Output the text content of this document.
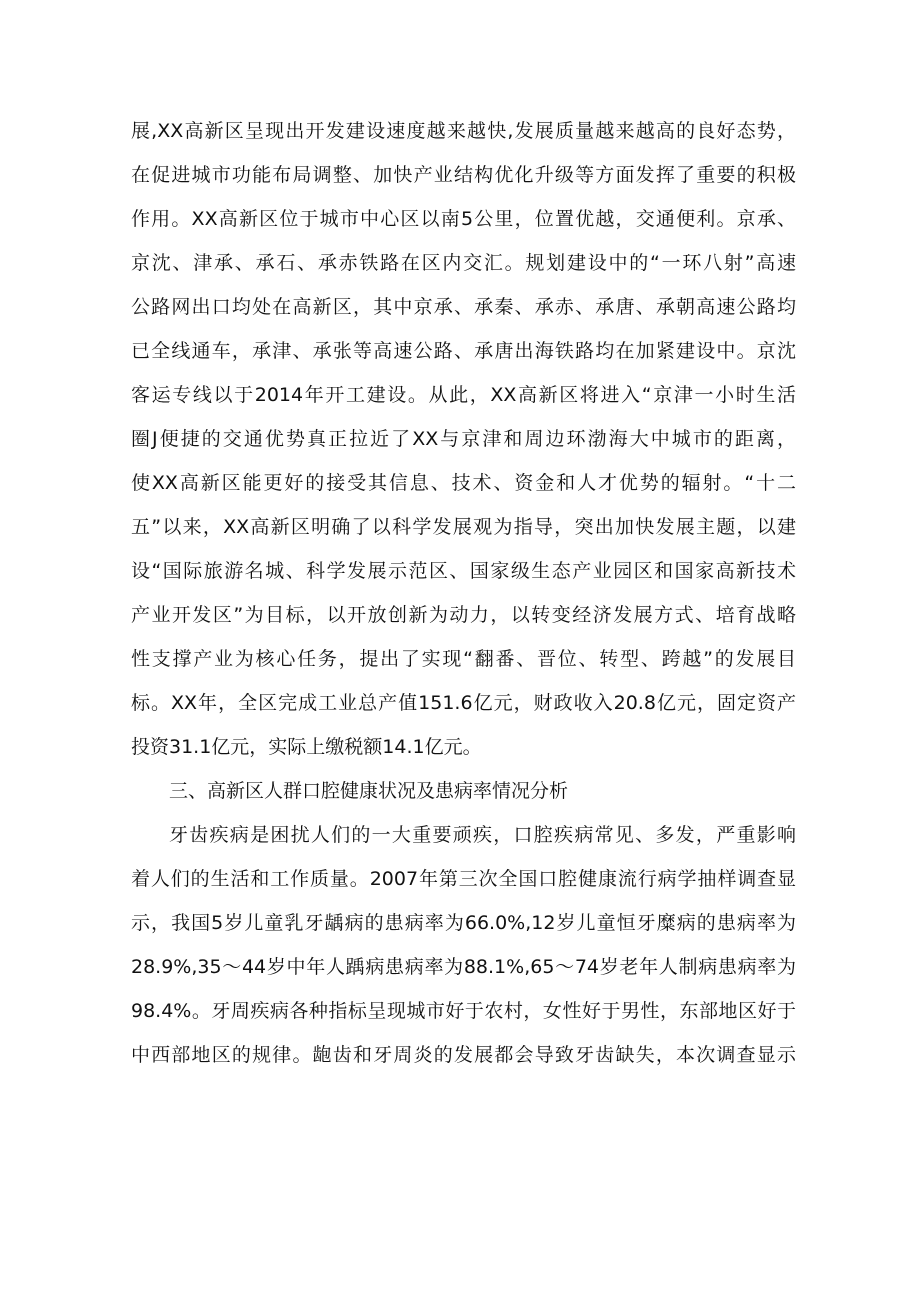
展,XX高新区呈现出开发建设速度越来越快,发展质量越来越高的良好态势，
在促进城市功能布局调整、加快产业结构优化升级等方面发挥了重要的积极
作用。XX高新区位于城市中心区以南5公里，位置优越，交通便利。京承、
京沈、津承、承石、承赤铁路在区内交汇。规划建设中的“一环八射”高速
公路网出口均处在高新区，其中京承、承秦、承赤、承唐、承朝高速公路均
已全线通车，承津、承张等高速公路、承唐出海铁路均在加紧建设中。京沈
客运专线以于2014年开工建设。从此，XX高新区将进入“京津一小时生活
圈J便捷的交通优势真正拉近了XX与京津和周边环渤海大中城市的距离，
使XX高新区能更好的接受其信息、技术、资金和人才优势的辐射。“十二
五”以来，XX高新区明确了以科学发展观为指导，突出加快发展主题，以建
设“国际旅游名城、科学发展示范区、国家级生态产业园区和国家高新技术
产业开发区”为目标，以开放创新为动力，以转变经济发展方式、培育战略
性支撑产业为核心任务，提出了实现“翻番、晋位、转型、跨越”的发展目
标。XX年，全区完成工业总产值151.6亿元，财政收入20.8亿元，固定资产
投资31.1亿元，实际上缴税额14.1亿元。
三、高新区人群口腔健康状况及患病率情况分析
牙齿疾病是困扰人们的一大重要顽疾，口腔疾病常见、多发，严重影响
着人们的生活和工作质量。2007年第三次全国口腔健康流行病学抽样调查显
示，我国5岁儿童乳牙龋病的患病率为66.0%,12岁儿童恒牙糜病的患病率为
28.9%,35～44岁中年人踽病患病率为88.1%,65～74岁老年人制病患病率为
98.4%。牙周疾病各种指标呈现城市好于农村，女性好于男性，东部地区好于
中西部地区的规律。龅齿和牙周炎的发展都会导致牙齿缺失，本次调查显示
